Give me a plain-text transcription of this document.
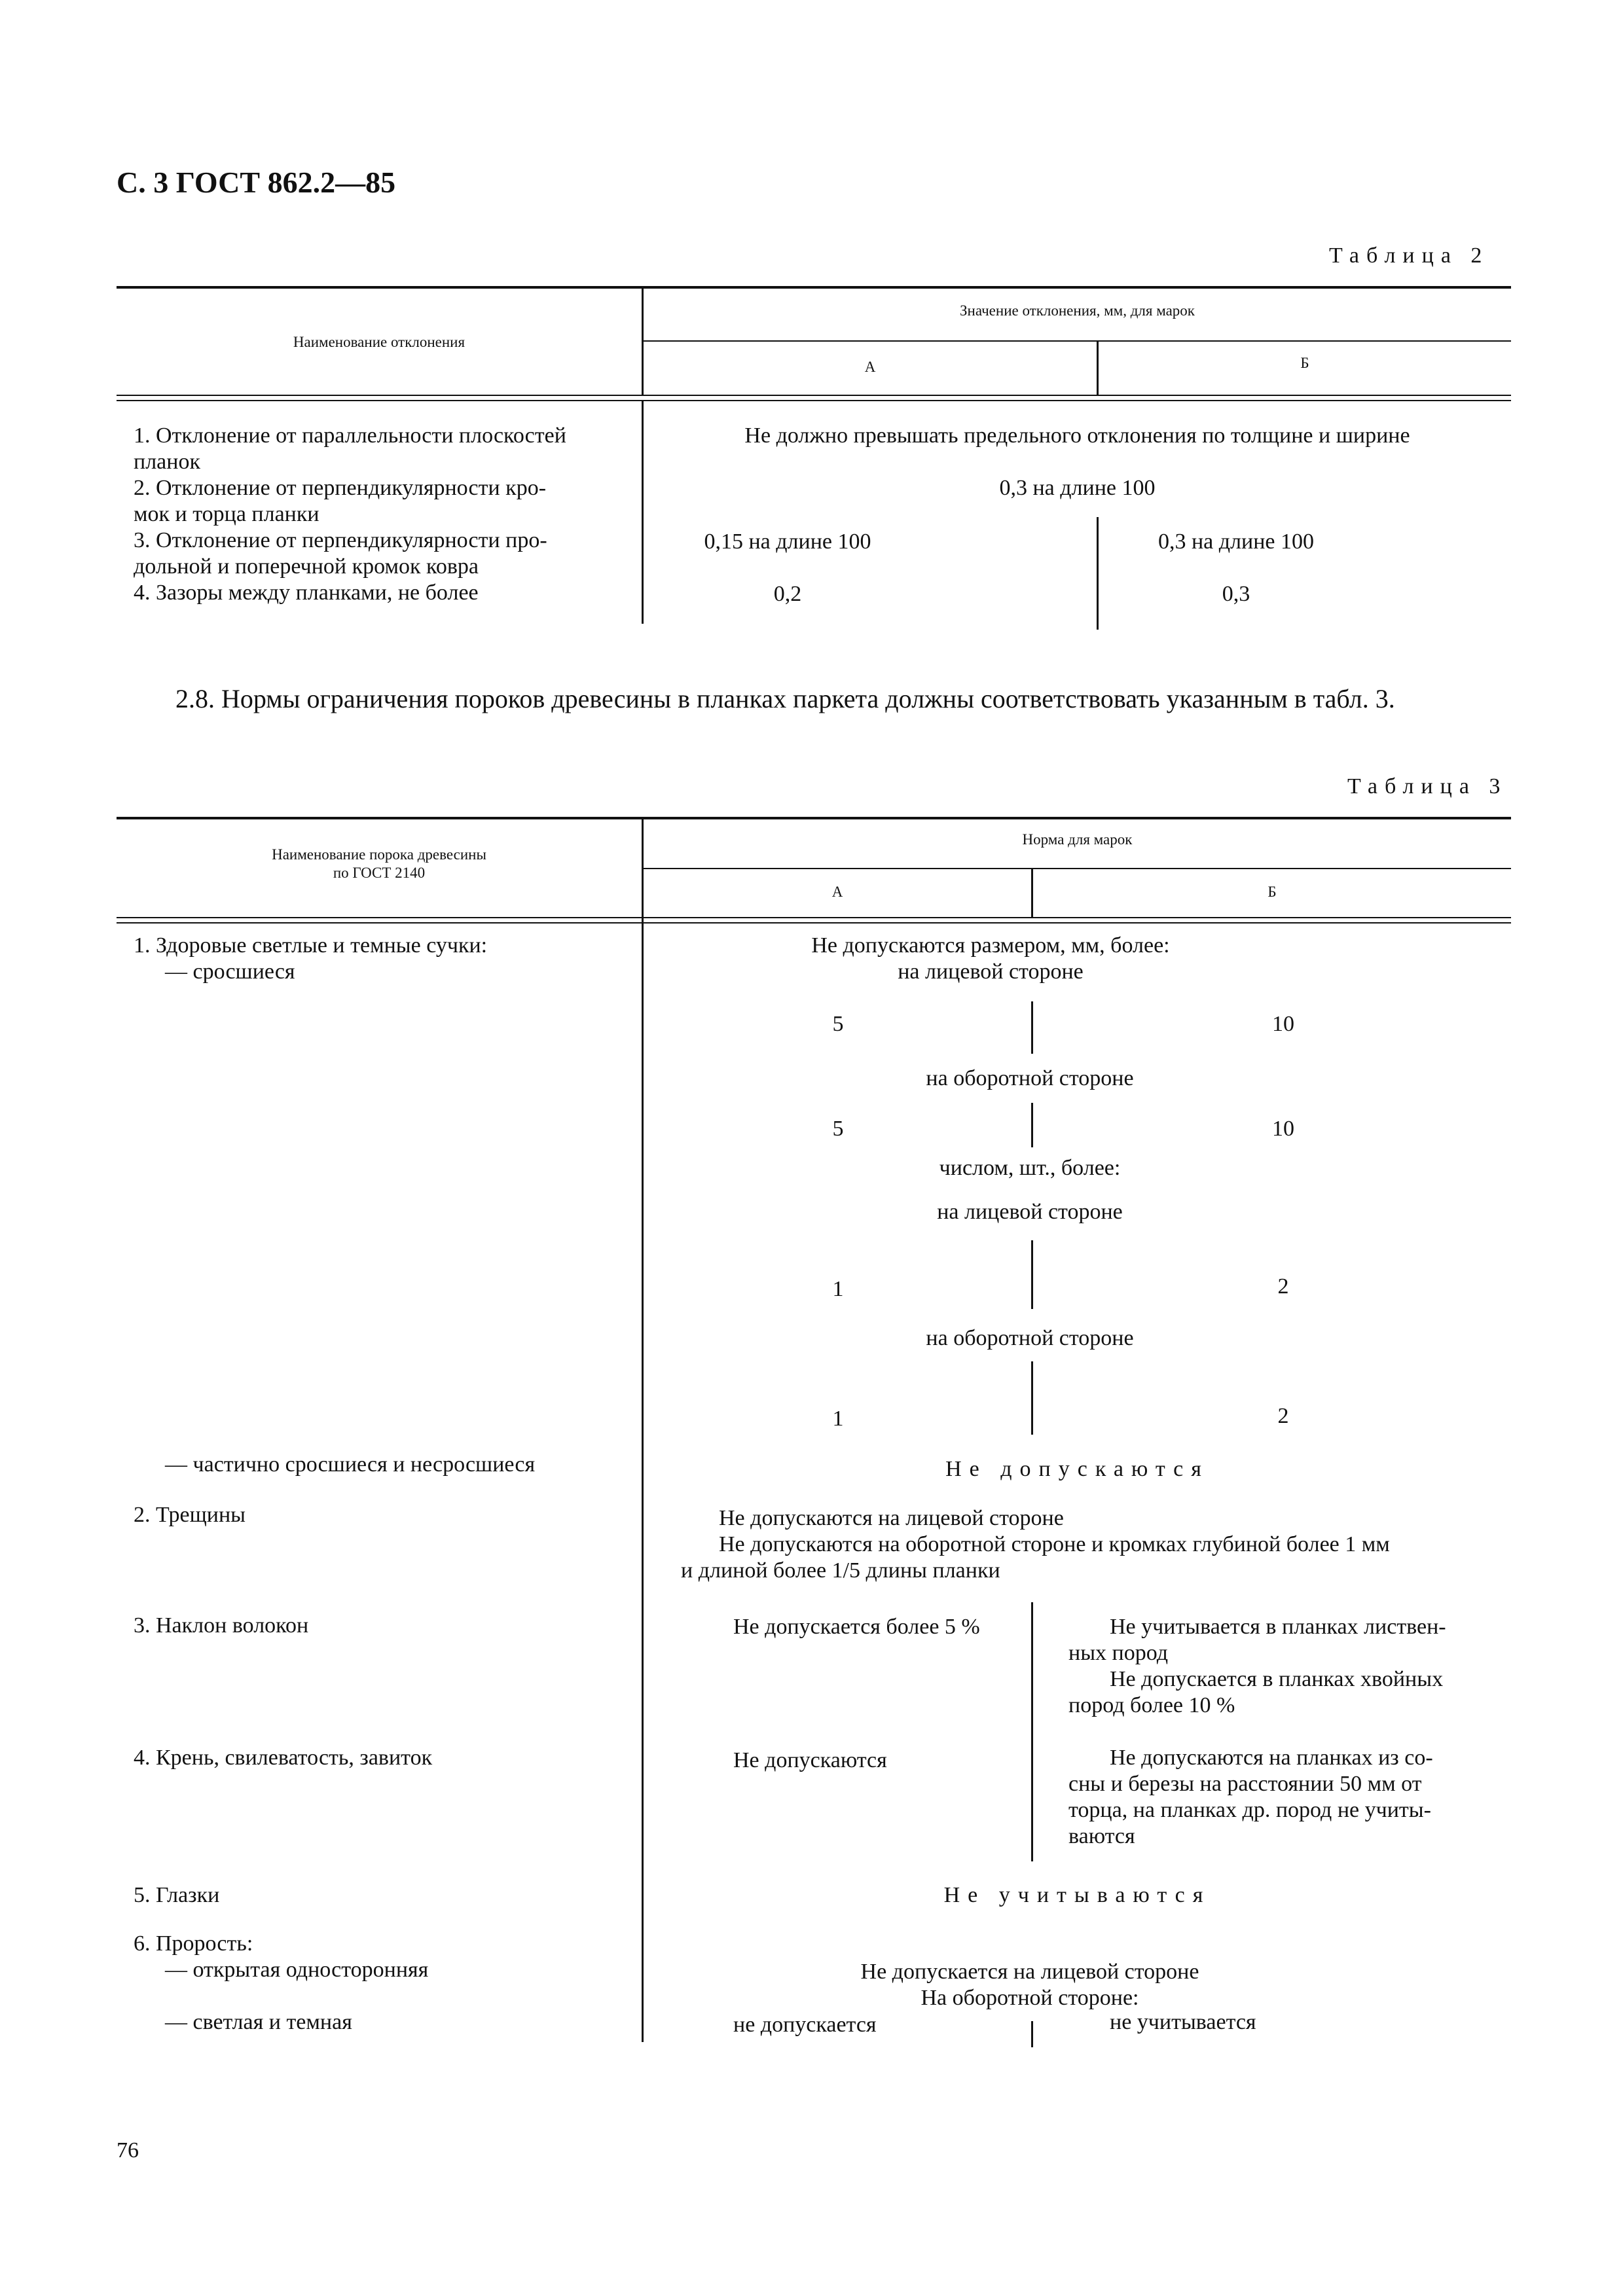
С. 3 ГОСТ 862.2—85
Таблица 2
Наименование отклонения
Значение отклонения, мм, для марок
А	Б
1. Отклонение от параллельности плоскостей
планок
Не должно превышать предельного отклонения по толщине и ширине
2. Отклонение от перпендикулярности кро-
мок и торца планки
0,3 на длине 100
3. Отклонение от перпендикулярности про-
дольной и поперечной кромок ковра
0,15 на длине 100	0,3 на длине 100
4. Зазоры между планками, не более	0,2	0,3
2.8. Нормы ограничения пороков древесины в планках паркета должны соответствовать указанным в табл. 3.
Таблица 3
Наименование порока древесины
по ГОСТ 2140
Норма для марок
А	Б
1. Здоровые светлые и темные сучки:
— сросшиеся
Не допускаются размером, мм, более:
на лицевой стороне
5	10
на оборотной стороне
5	10
числом, шт., более:
на лицевой стороне
1	2
на оборотной стороне
1	2
— частично сросшиеся и несросшиеся	Не допускаются
2. Трещины	Не допускаются на лицевой стороне
Не допускаются на оборотной стороне и кромках глубиной более 1 мм
и длиной более 1/5 длины планки
3. Наклон волокон	Не допускается более 5 %	Не учитывается в планках листвен-
ных пород
Не допускается в планках хвойных
пород более 10 %
4. Крень, свилеватость, завиток	Не допускаются	Не допускаются на планках из со-
сны и березы на расстоянии 50 мм от
торца, на планках др. пород не учиты-
ваются
5. Глазки	Не учитываются
6. Прорость:
— открытая односторонняя	Не допускается на лицевой стороне
На оборотной стороне:
— светлая и темная	не допускается	не учитывается
76
